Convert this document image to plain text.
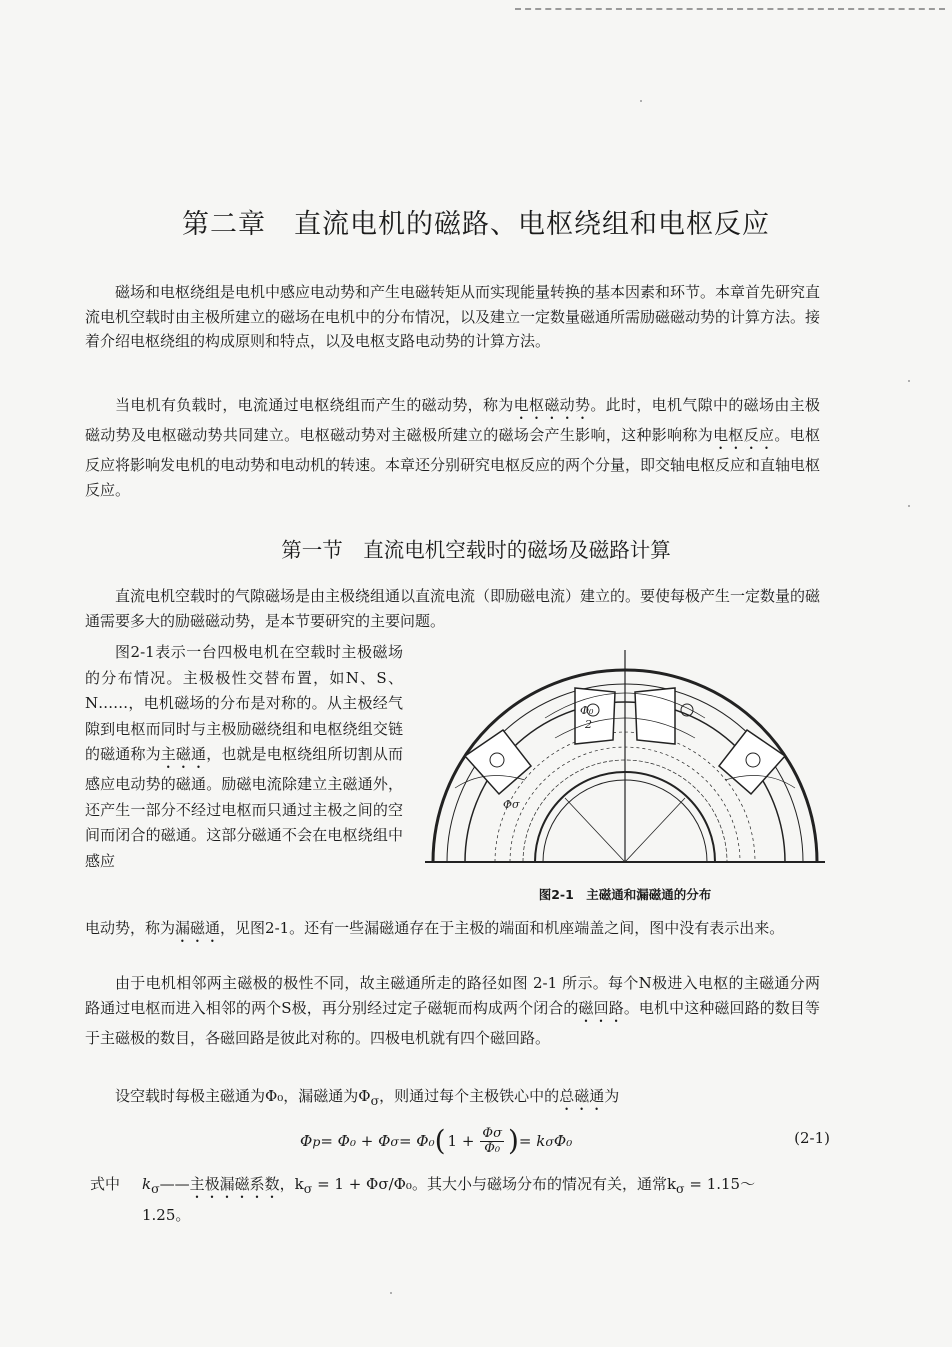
第二章　直流电机的磁路、电枢绕组和电枢反应

磁场和电枢绕组是电机中感应电动势和产生电磁转矩从而实现能量转换的基本因素和环节。本章首先研究直流电机空载时由主极所建立的磁场在电机中的分布情况，以及建立一定数量磁通所需励磁磁动势的计算方法。接着介绍电枢绕组的构成原则和特点，以及电枢支路电动势的计算方法。

当电机有负载时，电流通过电枢绕组而产生的磁动势，称为电枢磁动势。此时，电机气隙中的磁场由主极磁动势及电枢磁动势共同建立。电枢磁动势对主磁极所建立的磁场会产生影响，这种影响称为电枢反应。电枢反应将影响发电机的电动势和电动机的转速。本章还分别研究电枢反应的两个分量，即交轴电枢反应和直轴电枢反应。

第一节　直流电机空载时的磁场及磁路计算

直流电机空载时的气隙磁场是由主极绕组通以直流电流（即励磁电流）建立的。要使每极产生一定数量的磁通需要多大的励磁磁动势，是本节要研究的主要问题。

图2-1表示一台四极电机在空载时主极磁场的分布情况。主极极性交替布置，如N、S、N……，电机磁场的分布是对称的。从主极经气隙到电枢而同时与主极励磁绕组和电枢绕组交链的磁通称为主磁通，也就是电枢绕组所切割从而感应电动势的磁通。励磁电流除建立主磁通外，还产生一部分不经过电枢而只通过主极之间的空间而闭合的磁通。这部分磁通不会在电枢绕组中感应

Φ₀
2
Φσ

图2-1　主磁通和漏磁通的分布

电动势，称为漏磁通，见图2-1。还有一些漏磁通存在于主极的端面和机座端盖之间，图中没有表示出来。

由于电机相邻两主磁极的极性不同，故主磁通所走的路径如图 2-1 所示。每个N极进入电枢的主磁通分两路通过电枢而进入相邻的两个S极，再分别经过定子磁轭而构成两个闭合的磁回路。电机中这种磁回路的数目等于主磁极的数目，各磁回路是彼此对称的。四极电机就有四个磁回路。

设空载时每极主磁通为Φ₀，漏磁通为$\Phi_\sigma$，则通过每个主极铁心中的总磁通为

Φ p = Φ₀ + Φ σ = Φ₀ ( $1 + \frac{\Phi\sigma}{\text{Φ₀}}$ ) = k σ Φ₀	(2-1)
式中 $k_\sigma——$主极漏磁系数，$k_\sigma = 1 + \Phi\sigma/\Phi_0$。其大小与磁场分布的情况有关，通常$k_\sigma$ = 1.15～
1.25。
